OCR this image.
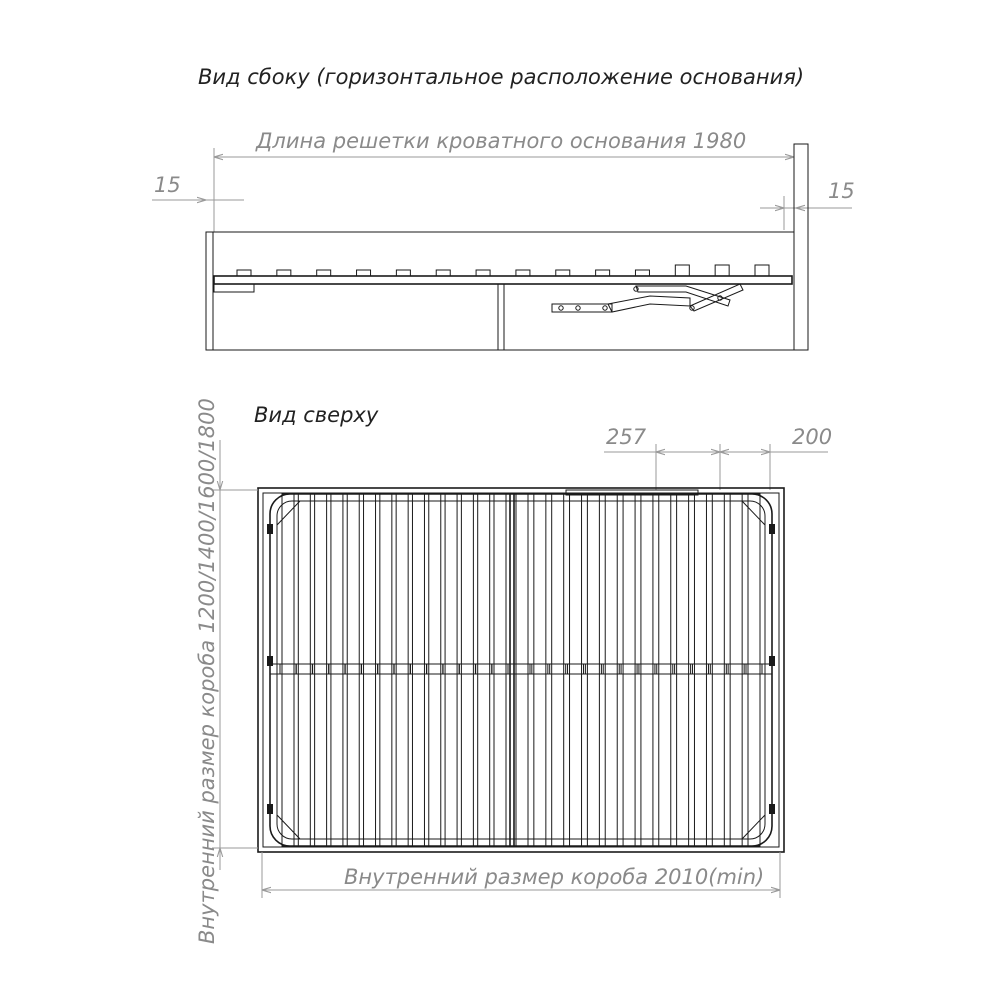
Вид сбоку (горизонтальное расположение основания)
Длина решетки кроватного основания 1980
15	15
Вид сверху
257	200
Внутренний размер короба 1200/1400/1600/1800	Внутренний размер короба 2010(min)
